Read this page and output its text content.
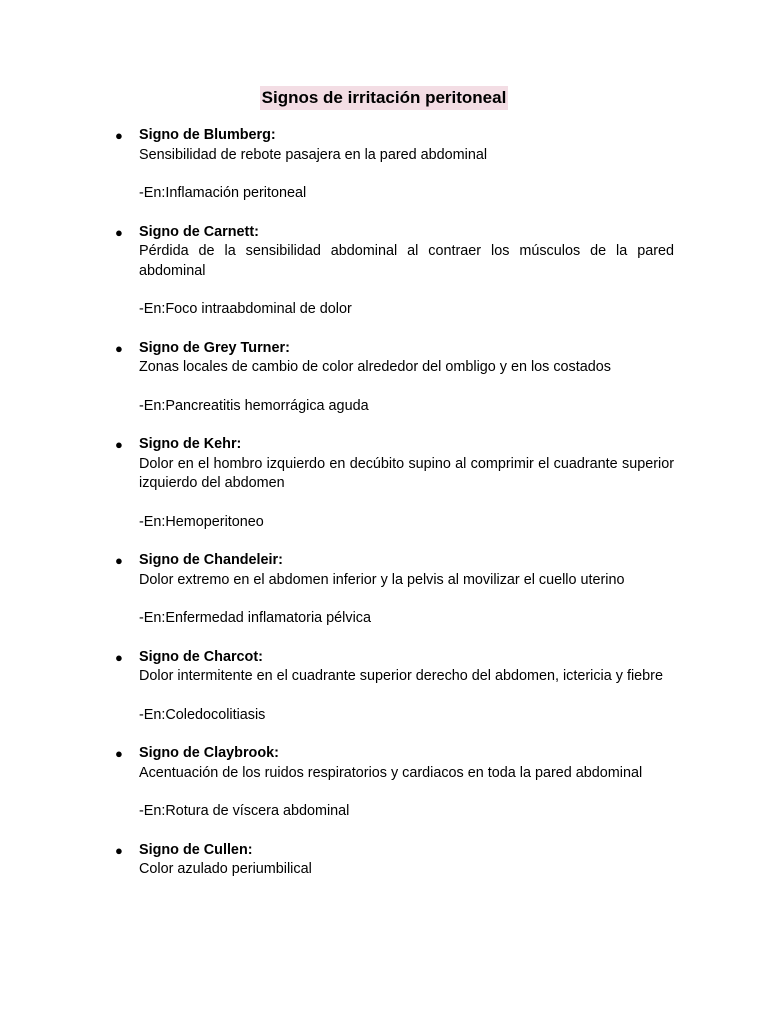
Signos de irritación peritoneal
● Signo de Blumberg:

Sensibilidad de rebote pasajera en la pared abdominal

-En:Inflamación peritoneal
● Signo de Carnett:

Pérdida de la sensibilidad abdominal al contraer los músculos de la pared abdominal

-En:Foco intraabdominal de dolor
● Signo de Grey Turner:

Zonas locales de cambio de color alrededor del ombligo y en los costados

-En:Pancreatitis hemorrágica aguda
● Signo de Kehr:

Dolor en el hombro izquierdo en decúbito supino al comprimir el cuadrante superior izquierdo del abdomen

-En:Hemoperitoneo
● Signo de Chandeleir:

Dolor extremo en el abdomen inferior y la pelvis al movilizar el cuello uterino

-En:Enfermedad inflamatoria pélvica
● Signo de Charcot:

Dolor intermitente en el cuadrante superior derecho del abdomen, ictericia y fiebre

-En:Coledocolitiasis
● Signo de Claybrook:

Acentuación de los ruidos respiratorios y cardiacos en toda la pared abdominal

-En:Rotura de víscera abdominal
● Signo de Cullen:

Color azulado periumbilical
